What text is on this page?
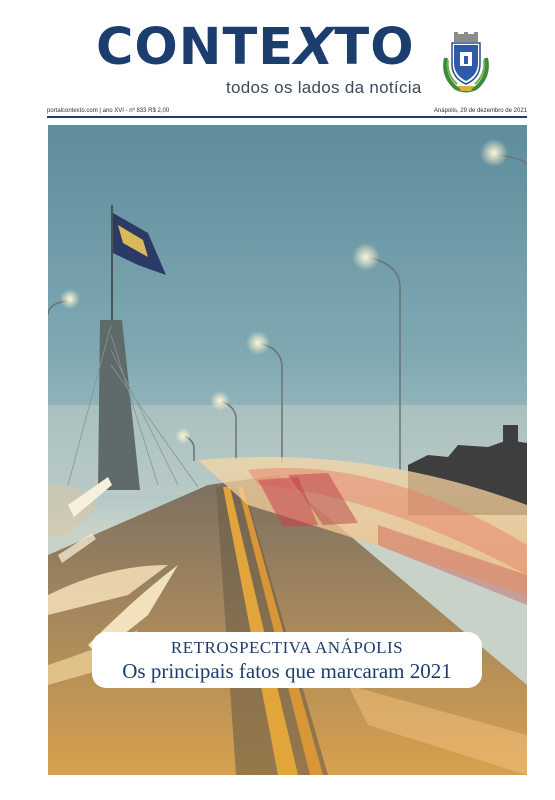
CONTEXTO
todos os lados da notícia
portalcontexto.com | ano XVI - nº 833 R$ 2,00	Anápolis, 29 de dezembro de 2021
RETROSPECTIVA ANÁPOLIS
Os principais fatos que marcaram 2021
